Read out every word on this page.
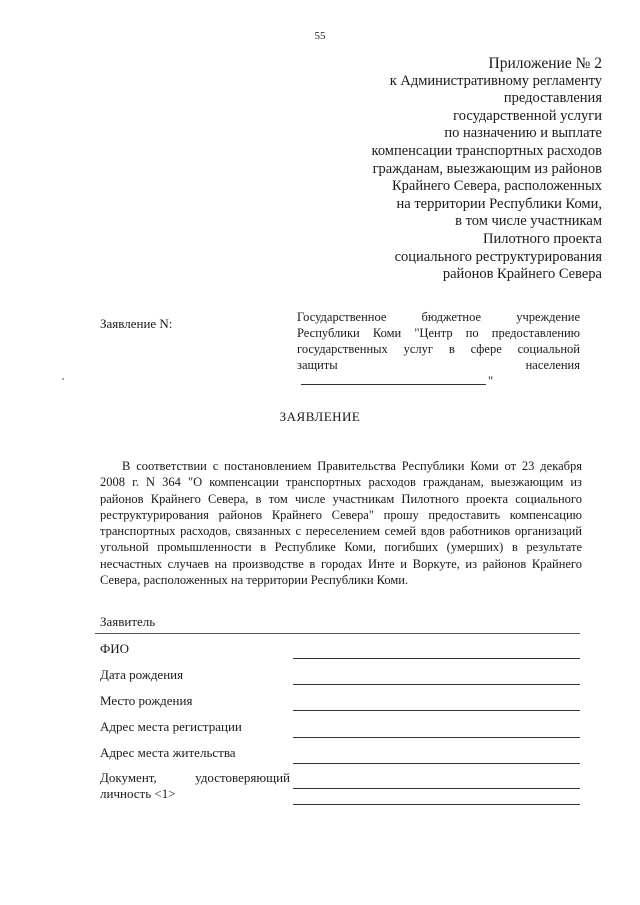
55
Приложение № 2
к Административному регламенту
предоставления
государственной услуги
по назначению и выплате
компенсации транспортных расходов
гражданам, выезжающим из районов
Крайнего Севера, расположенных
на территории Республики Коми,
в том числе участникам
Пилотного проекта
социального реструктурирования
районов Крайнего Севера
Заявление N:	Государственное бюджетное учреждение
Республики Коми "Центр по предоставлению
государственных услуг в сфере социальной
защиты населения"
ЗАЯВЛЕНИЕ
В соответствии с постановлением Правительства Республики Коми от 23 декабря 2008 г. N 364 "О компенсации транспортных расходов гражданам, выезжающим из районов Крайнего Севера, в том числе участникам Пилотного проекта социального реструктурирования районов Крайнего Севера" прошу предоставить компенсацию транспортных расходов, связанных с переселением семей вдов работников организаций угольной промышленности в Республике Коми, погибших (умерших) в результате несчастных случаев на производстве в городах Инте и Воркуте, из районов Крайнего Севера, расположенных на территории Республики Коми.
Заявитель
ФИО
Дата рождения
Место рождения
Адрес места регистрации
Адрес места жительства
Документ,	удостоверяющий
личность <1>
